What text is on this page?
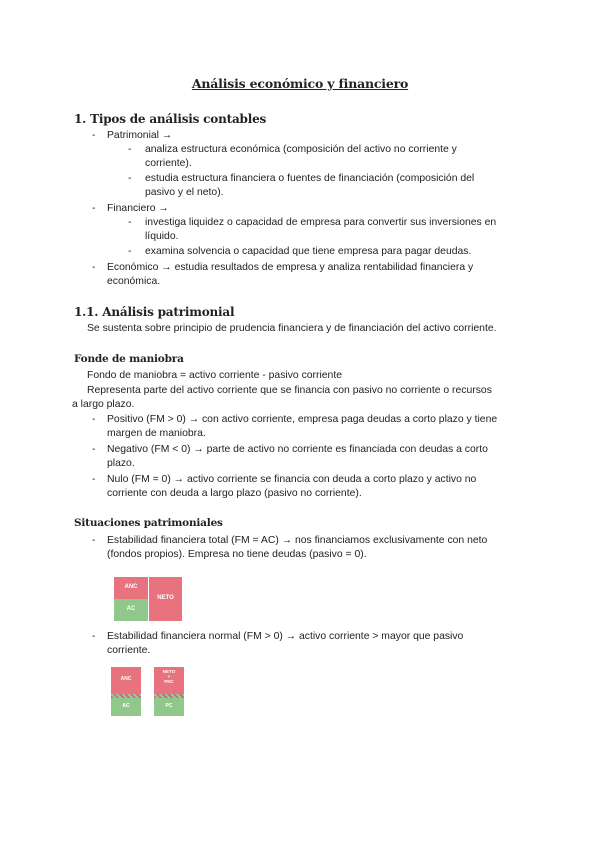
Análisis económico y financiero
1. Tipos de análisis contables
- Patrimonial →
- analiza estructura económica (composición del activo no corriente y
corriente).
- estudia estructura financiera o fuentes de financiación (composición del
pasivo y el neto).
- Financiero →
- investiga liquidez o capacidad de empresa para convertir sus inversiones en
líquido.
- examina solvencia o capacidad que tiene empresa para pagar deudas.
- Económico → estudia resultados de empresa y analiza rentabilidad financiera y
económica.
1.1. Análisis patrimonial
Se sustenta sobre principio de prudencia financiera y de financiación del activo corriente.
Fonde de maniobra
Fondo de maniobra = activo corriente - pasivo corriente
Representa parte del activo corriente que se financia con pasivo no corriente o recursos
a largo plazo.
- Positivo (FM > 0) → con activo corriente, empresa paga deudas a corto plazo y tiene
margen de maniobra.
- Negativo (FM < 0) → parte de activo no corriente es financiada con deudas a corto
plazo.
- Nulo (FM = 0) → activo corriente se financia con deuda a corto plazo y activo no
corriente con deuda a largo plazo (pasivo no corriente).
Situaciones patrimoniales
- Estabilidad financiera total (FM = AC) → nos financiamos exclusivamente con neto
(fondos propios). Empresa no tiene deudas (pasivo = 0).
ANC
AC
NETO
- Estabilidad financiera normal (FM > 0) → activo corriente > mayor que pasivo
corriente.
ANC
AC
NETO
+
PNC
PC
